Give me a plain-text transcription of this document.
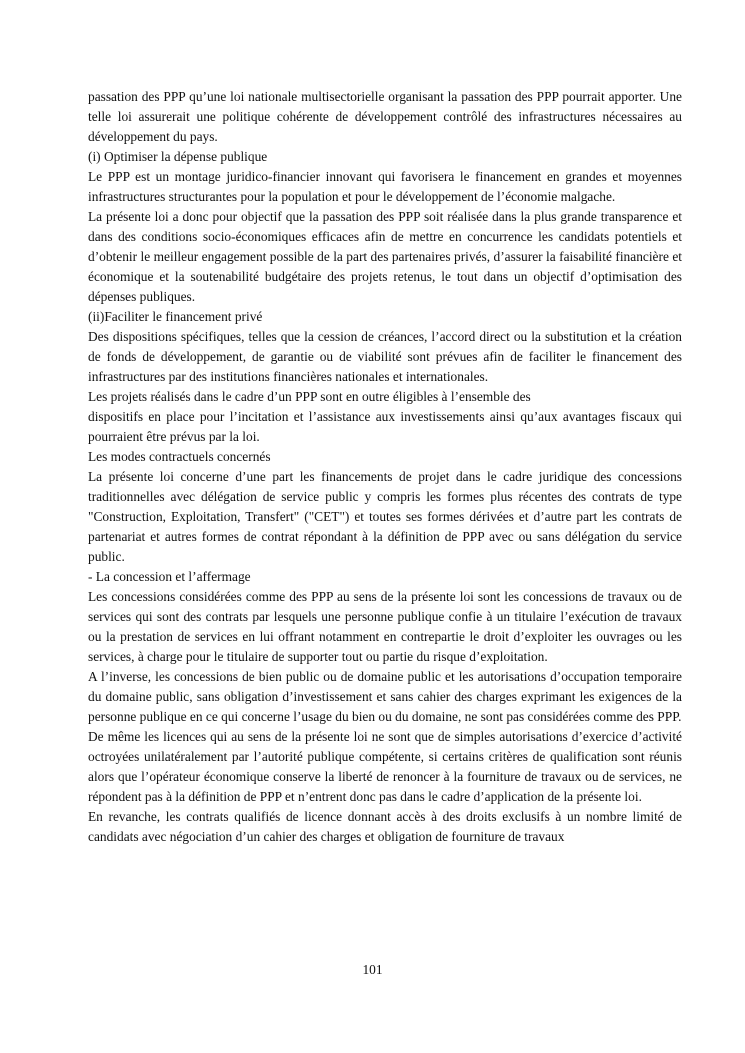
passation des PPP qu’une loi nationale multisectorielle organisant la passation des PPP pourrait apporter. Une telle loi assurerait une politique cohérente de développement contrôlé des infrastructures nécessaires au développement du pays.

(i) Optimiser la dépense publique

Le PPP est un montage juridico-financier innovant qui favorisera le financement en grandes et moyennes infrastructures structurantes pour la population et pour le développement de l’économie malgache.

La présente loi a donc pour objectif que la passation des PPP soit réalisée dans la plus grande transparence et dans des conditions socio-économiques efficaces afin de mettre en concurrence les candidats potentiels et d’obtenir le meilleur engagement possible de la part des partenaires privés, d’assurer la faisabilité financière et économique et la soutenabilité budgétaire des projets retenus, le tout dans un objectif d’optimisation des dépenses publiques.

(ii)Faciliter le financement privé

Des dispositions spécifiques, telles que la cession de créances, l’accord direct ou la substitution et la création de fonds de développement, de garantie ou de viabilité sont prévues afin de faciliter le financement des infrastructures par des institutions financières nationales et internationales.

Les projets réalisés dans le cadre d’un PPP sont en outre éligibles à l’ensemble des

dispositifs en place pour l’incitation et l’assistance aux investissements ainsi qu’aux avantages fiscaux qui pourraient être prévus par la loi.

Les modes contractuels concernés

La présente loi concerne d’une part les financements de projet dans le cadre juridique des concessions traditionnelles avec délégation de service public y compris les formes plus récentes des contrats de type "Construction, Exploitation, Transfert" ("CET") et toutes ses formes dérivées et d’autre part les contrats de partenariat et autres formes de contrat répondant à la définition de PPP avec ou sans délégation du service public.

- La concession et l’affermage

Les concessions considérées comme des PPP au sens de la présente loi sont les concessions de travaux ou de services qui sont des contrats par lesquels une personne publique confie à un titulaire l’exécution de travaux ou la prestation de services en lui offrant notamment en contrepartie le droit d’exploiter les ouvrages ou les services, à charge pour le titulaire de supporter tout ou partie du risque d’exploitation.

A l’inverse, les concessions de bien public ou de domaine public et les autorisations d’occupation temporaire du domaine public, sans obligation d’investissement et sans cahier des charges exprimant les exigences de la personne publique en ce qui concerne l’usage du bien ou du domaine, ne sont pas considérées comme des PPP.

De même les licences qui au sens de la présente loi ne sont que de simples autorisations d’exercice d’activité octroyées unilatéralement par l’autorité publique compétente, si certains critères de qualification sont réunis alors que l’opérateur économique conserve la liberté de renoncer à la fourniture de travaux ou de services, ne répondent pas à la définition de PPP et n’entrent donc pas dans le cadre d’application de la présente loi.

En revanche, les contrats qualifiés de licence donnant accès à des droits exclusifs à un nombre limité de candidats avec négociation d’un cahier des charges et obligation de fourniture de travaux

101
